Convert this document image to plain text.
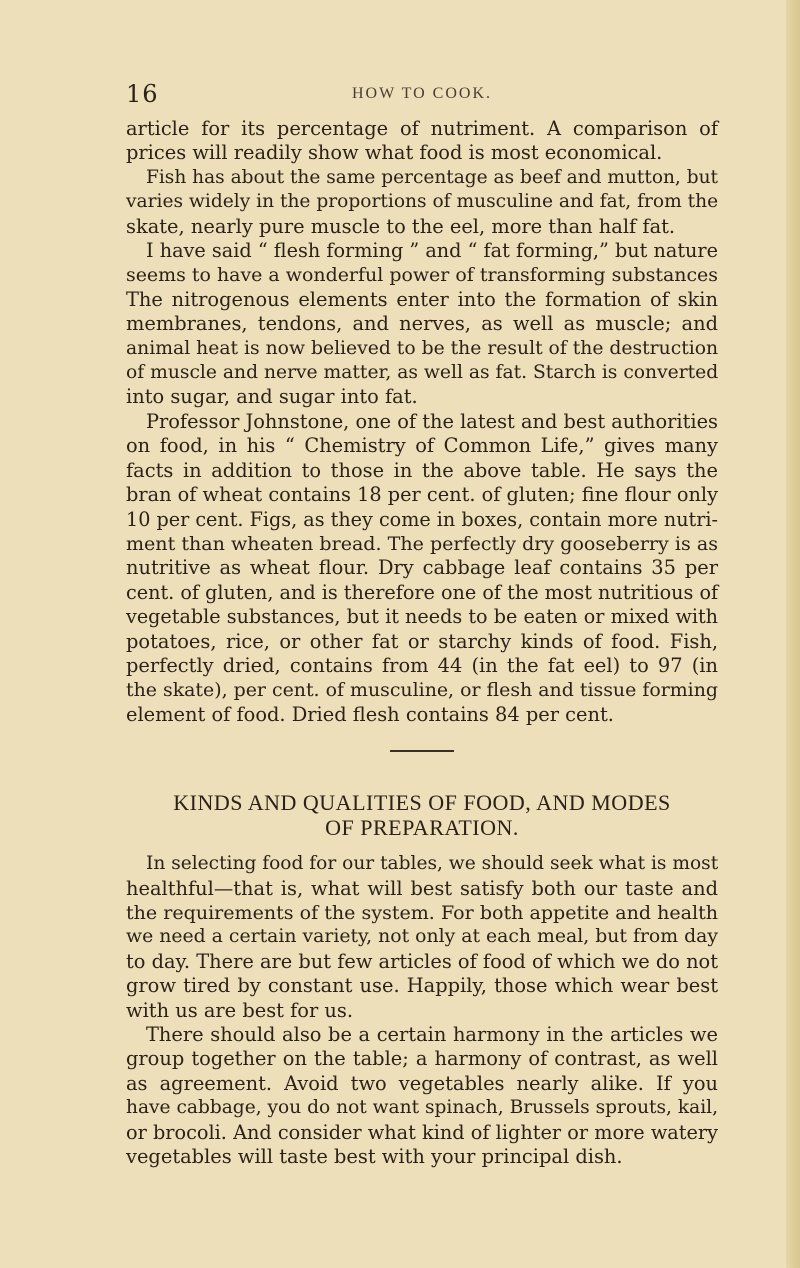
16	HOW TO COOK.

article for its percentage of nutriment. A comparison of
prices will readily show what food is most economical.

Fish has about the same percentage as beef and mutton, but
varies widely in the proportions of musculine and fat, from the
skate, nearly pure muscle to the eel, more than half fat.

I have said “ flesh forming ” and “ fat forming,” but nature
seems to have a wonderful power of transforming substances
The nitrogenous elements enter into the formation of skin
membranes, tendons, and nerves, as well as muscle; and
animal heat is now believed to be the result of the destruction
of muscle and nerve matter, as well as fat. Starch is converted
into sugar, and sugar into fat.

Professor Johnstone, one of the latest and best authorities
on food, in his “ Chemistry of Common Life,” gives many
facts in addition to those in the above table. He says the
bran of wheat contains 18 per cent. of gluten; fine flour only
10 per cent. Figs, as they come in boxes, contain more nutri-
ment than wheaten bread. The perfectly dry gooseberry is as
nutritive as wheat flour. Dry cabbage leaf contains 35 per
cent. of gluten, and is therefore one of the most nutritious of
vegetable substances, but it needs to be eaten or mixed with
potatoes, rice, or other fat or starchy kinds of food. Fish,
perfectly dried, contains from 44 (in the fat eel) to 97 (in
the skate), per cent. of musculine, or flesh and tissue forming
element of food. Dried flesh contains 84 per cent.

KINDS AND QUALITIES OF FOOD, AND MODES
OF PREPARATION.

In selecting food for our tables, we should seek what is most
healthful—that is, what will best satisfy both our taste and
the requirements of the system. For both appetite and health
we need a certain variety, not only at each meal, but from day
to day. There are but few articles of food of which we do not
grow tired by constant use. Happily, those which wear best
with us are best for us.

There should also be a certain harmony in the articles we
group together on the table; a harmony of contrast, as well
as agreement. Avoid two vegetables nearly alike. If you
have cabbage, you do not want spinach, Brussels sprouts, kail,
or brocoli. And consider what kind of lighter or more watery
vegetables will taste best with your principal dish.
